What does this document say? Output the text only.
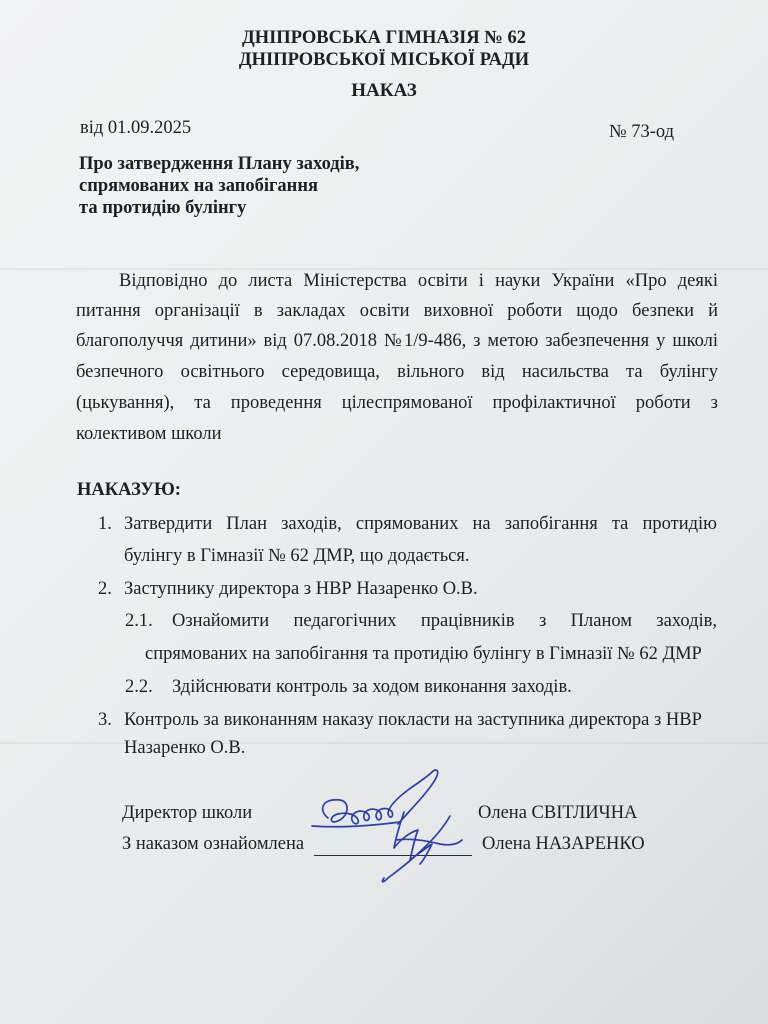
ДНІПРОВСЬКА ГІМНАЗІЯ № 62
ДНІПРОВСЬКОЇ МІСЬКОЇ РАДИ
НАКАЗ
від 01.09.2025	№ 73-од
Про затвердження Плану заходів,
спрямованих на запобігання
та протидію булінгу
Відповідно до листа Міністерства освіти і науки України «Про деякі
питання організації в закладах освіти виховної роботи щодо безпеки й
благополуччя дитини» від 07.08.2018 №1/9-486, з метою забезпечення у школі
безпечного освітнього середовища, вільного від насильства та булінгу
(цькування), та проведення цілеспрямованої профілактичної роботи з
колективом школи
НАКАЗУЮ:
1. Затвердити План заходів, спрямованих на запобігання та протидію
булінгу в Гімназії № 62 ДМР, що додається.
2. Заступнику директора з НВР Назаренко О.В.
2.1. Ознайомити педагогічних працівників з Планом заходів,
спрямованих на запобігання та протидію булінгу в Гімназії № 62 ДМР
2.2. Здійснювати контроль за ходом виконання заходів.
3. Контроль за виконанням наказу покласти на заступника директора з НВР
Назаренко О.В.
Директор школи	Олена СВІТЛИЧНА
З наказом ознайомлена	Олена НАЗАРЕНКО
